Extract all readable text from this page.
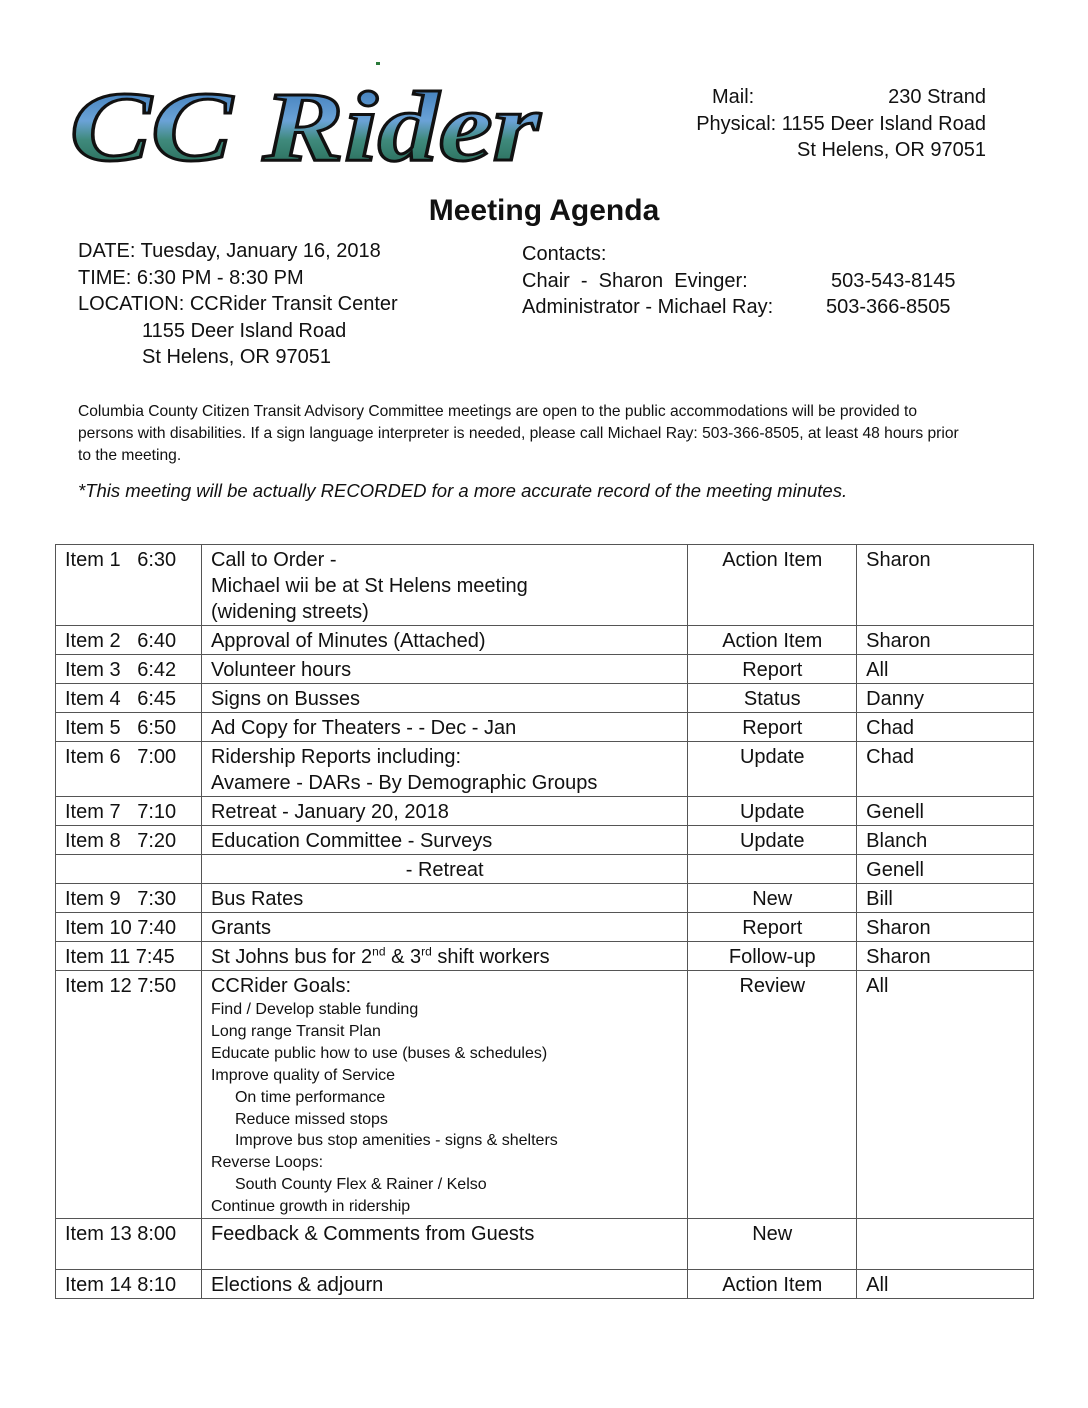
CC Rider	Mail:	230 Strand
Physical:
1155 Deer Island Road
St Helens, OR 97051
Meeting Agenda
DATE: Tuesday, January 16, 2018
TIME: 6:30 PM - 8:30 PM
LOCATION: CCRider Transit Center
1155 Deer Island Road
St Helens, OR 97051
Contacts:
Chair  -  Sharon  Evinger:	503-543-8145
Administrator - Michael Ray:	503-366-8505
Columbia County Citizen Transit Advisory Committee meetings are open to the public accommodations will be provided to persons with disabilities. If a sign language interpreter is needed, please call Michael Ray: 503-366-8505, at least 48 hours prior to the meeting.
*This meeting will be actually RECORDED for a more accurate record of the meeting minutes.
Item 1   6:30	Call to Order -
Michael wii be at St Helens meeting
(widening streets)	Action Item	Sharon
Item 2   6:40	Approval of Minutes (Attached)	Action Item	Sharon
Item 3   6:42	Volunteer hours	Report	All
Item 4   6:45	Signs on Busses	Status	Danny
Item 5   6:50	Ad Copy for Theaters - - Dec - Jan	Report	Chad
Item 6   7:00	Ridership Reports including:
Avamere - DARs - By Demographic Groups	Update	Chad
Item 7   7:10	Retreat - January 20, 2018	Update	Genell
Item 8   7:20	Education Committee - Surveys	Update	Blanch
	- Retreat		Genell
Item 9   7:30	Bus Rates	New	Bill
Item 10 7:40	Grants	Report	Sharon
Item 11 7:45	St Johns bus for 2nd & 3rd shift workers	Follow-up	Sharon
Item 12 7:50	CCRider Goals:
Find / Develop stable funding
Long range Transit Plan
Educate public how to use (buses & schedules)
Improve quality of Service
On time performance
Reduce missed stops
Improve bus stop amenities - signs & shelters
Reverse Loops:
South County Flex & Rainer / Kelso
Continue growth in ridership
	Review	All
Item 13 8:00	Feedback & Comments from Guests	New	
Item 14 8:10	Elections & adjourn	Action Item	All
